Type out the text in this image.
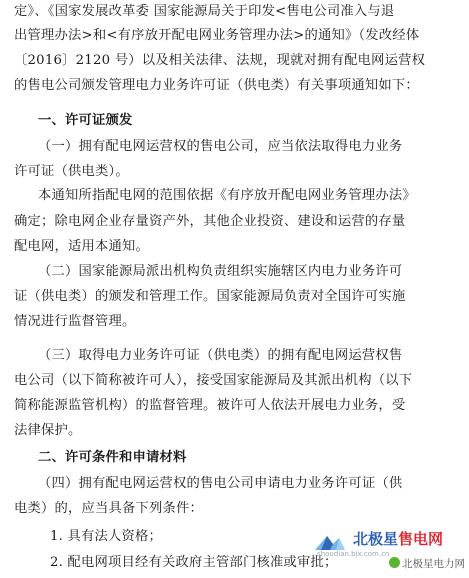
定》、《国家发展改革委 国家能源局关于印发<售电公司准入与退
出管理办法>和<有序放开配电网业务管理办法>的通知》（发改经体
〔2016〕2120 号）以及相关法律、法规，现就对拥有配电网运营权
的售电公司颁发管理电力业务许可证（供电类）有关事项通知如下：
一、许可证颁发
（一）拥有配电网运营权的售电公司，应当依法取得电力业务
许可证（供电类）。
本通知所指配电网的范围依据《有序放开配电网业务管理办法》
确定；除电网企业存量资产外，其他企业投资、建设和运营的存量
配电网，适用本通知。
（二）国家能源局派出机构负责组织实施辖区内电力业务许可
证（供电类）的颁发和管理工作。国家能源局负责对全国许可实施
情况进行监督管理。
（三）取得电力业务许可证（供电类）的拥有配电网运营权售
电公司（以下简称被许可人），接受国家能源局及其派出机构（以下
简称能源监管机构）的监督管理。被许可人依法开展电力业务，受
法律保护。
二、许可条件和申请材料
（四）拥有配电网运营权的售电公司申请电力业务许可证（供
电类）的，应当具备下列条件：
1. 具有法人资格；
2. 配电网项目经有关政府主管部门核准或审批；
北极星售电网
shoudian.bjx.com.cn
北极星电力网
